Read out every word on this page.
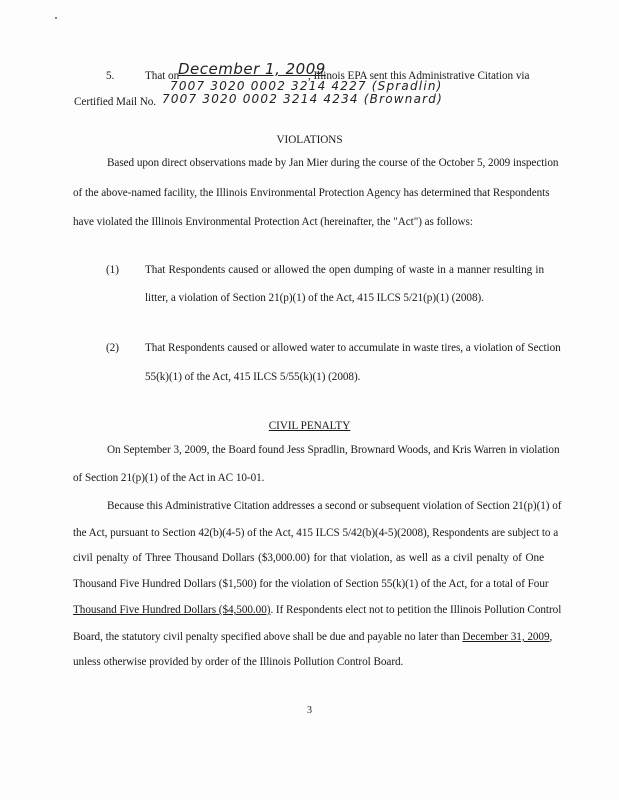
5.	That on
December 1, 2009
, Illinois EPA sent this Administrative Citation via
7007 3020 0002 3214 4227 (Spradlin)
Certified Mail No. 7007 3020 0002 3214 4234 (Brownard)
VIOLATIONS
Based upon direct observations made by Jan Mier during the course of the October 5, 2009 inspection
of the above-named facility, the Illinois Environmental Protection Agency has determined that Respondents
have violated the Illinois Environmental Protection Act (hereinafter, the "Act") as follows:
(1) That Respondents caused or allowed the open dumping of waste in a manner resulting in
litter, a violation of Section 21(p)(1) of the Act, 415 ILCS 5/21(p)(1) (2008).
(2) That Respondents caused or allowed water to accumulate in waste tires, a violation of Section
55(k)(1) of the Act, 415 ILCS 5/55(k)(1) (2008).
CIVIL PENALTY
On September 3, 2009, the Board found Jess Spradlin, Brownard Woods, and Kris Warren in violation
of Section 21(p)(1) of the Act in AC 10-01.
Because this Administrative Citation addresses a second or subsequent violation of Section 21(p)(1) of
the Act, pursuant to Section 42(b)(4-5) of the Act, 415 ILCS 5/42(b)(4-5)(2008), Respondents are subject to a
civil penalty of Three Thousand Dollars ($3,000.00) for that violation, as well as a civil penalty of One
Thousand Five Hundred Dollars ($1,500) for the violation of Section 55(k)(1) of the Act, for a total of Four
Thousand Five Hundred Dollars ($4,500.00). If Respondents elect not to petition the Illinois Pollution Control
Board, the statutory civil penalty specified above shall be due and payable no later than December 31, 2009,
unless otherwise provided by order of the Illinois Pollution Control Board.
3
